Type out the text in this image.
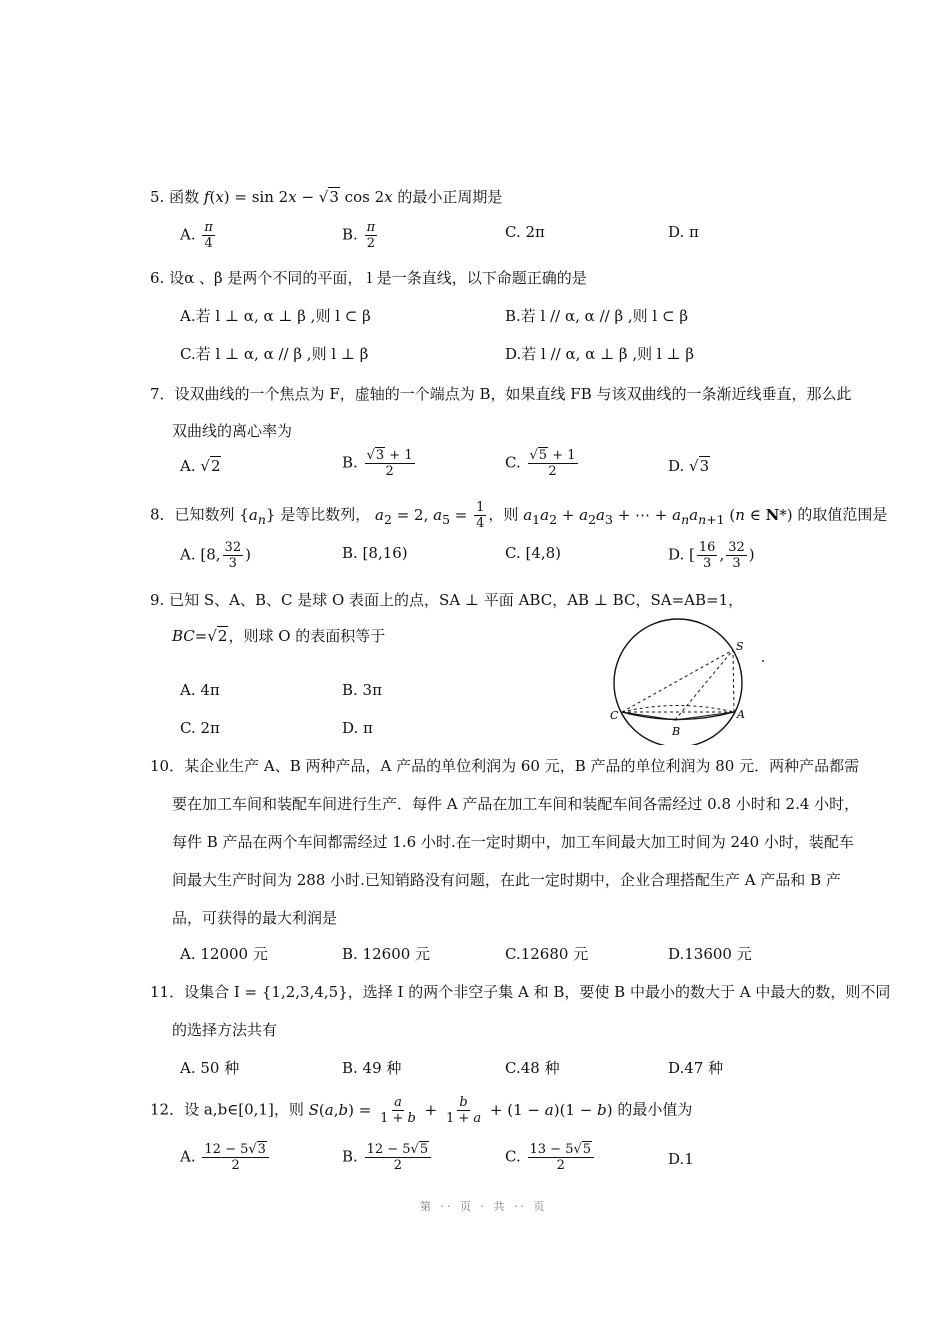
5. 函数 f(x) = sin 2x − √3 cos 2x 的最小正周期是
A. $\frac{\pi}{4}$	B. $\frac{\pi}{2}$	C. 2π	D. π
6. 设α 、β 是两个不同的平面， l 是一条直线，以下命题正确的是
A.若 l ⊥ α, α ⊥ β ,则 l ⊂ β	B.若 l // α, α // β ,则 l ⊂ β
C.若 l ⊥ α, α // β ,则 l ⊥ β	D.若 l // α, α ⊥ β ,则 l ⊥ β
7．设双曲线的一个焦点为 F，虚轴的一个端点为 B，如果直线 FB 与该双曲线的一条渐近线垂直，那么此
双曲线的离心率为
A. √2	B. $\frac{√3 + 1}{2}$	C. $\frac{√5 + 1}{2}$	D. √3
8．已知数列 $\{a_n\}$ 是等比数列， $a_2 = 2$, $a_5 = \frac{1}{4}$ ，则 $a_1a_2 + a_2a_3$ + ⋯ + $a_na_{n+1}$ (n ∈ N*) 的取值范围是
A. [8, $\frac{32}{3}$ )	B. [8,16)	C. [4,8)	D. [ $\frac{16}{3}$ , $\frac{32}{3}$ )
9. 已知 S、A、B、C 是球 O 表面上的点，SA ⊥ 平面 ABC，AB ⊥ BC，SA=AB=1，
BC=√2，则球 O 的表面积等于
A. 4π	B. 3π
C. 2π	D. π
S
A
B
C
10．某企业生产 A、B 两种产品，A 产品的单位利润为 60 元，B 产品的单位利润为 80 元．两种产品都需
要在加工车间和装配车间进行生产．每件 A 产品在加工车间和装配车间各需经过 0.8 小时和 2.4 小时，
每件 B 产品在两个车间都需经过 1.6 小时.在一定时期中，加工车间最大加工时间为 240 小时，装配车
间最大生产时间为 288 小时.已知销路没有问题，在此一定时期中，企业合理搭配生产 A 产品和 B 产
品，可获得的最大利润是
A. 12000 元	B. 12600 元	C.12680 元	D.13600 元
11．设集合 I = {1,2,3,4,5}，选择 I 的两个非空子集 A 和 B，要使 B 中最小的数大于 A 中最大的数，则不同
的选择方法共有
A. 50 种	B. 49 种	C.48 种	D.47 种
12．设 a,b∈[0,1]，则 $S(a,b) = \frac{a}{1 + b} + \frac{b}{1 + a} + (1 - a)(1 - b)$ 的最小值为
A. $\frac{12 - 5√3}{2}$	B. $\frac{12 - 5√5}{2}$	C. $\frac{13 - 5√5}{2}$	D.1
第 ·· 页 · 共 ·· 页
